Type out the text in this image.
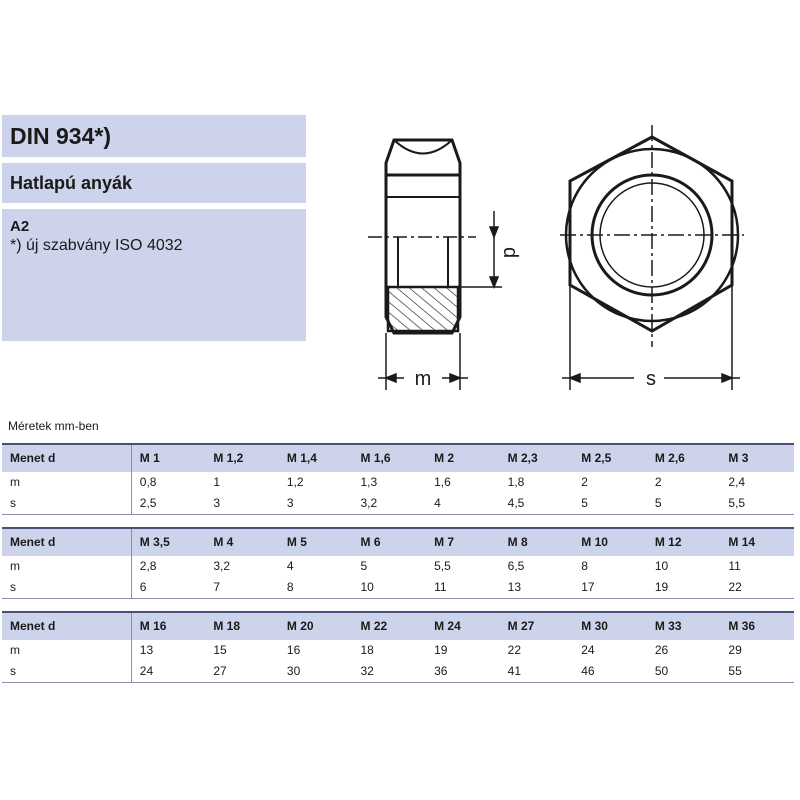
DIN 934*)
Hatlapú anyák
A2
*) új szabvány ISO 4032	d
m	s
Méretek mm-ben
Menet d	M 1	M 1,2	M 1,4	M 1,6	M 2	M 2,3	M 2,5	M 2,6	M 3
m	0,8	1	1,2	1,3	1,6	1,8	2	2	2,4
s	2,5	3	3	3,2	4	4,5	5	5	5,5
Menet d	M 3,5	M 4	M 5	M 6	M 7	M 8	M 10	M 12	M 14
m	2,8	3,2	4	5	5,5	6,5	8	10	11
s	6	7	8	10	11	13	17	19	22
Menet d	M 16	M 18	M 20	M 22	M 24	M 27	M 30	M 33	M 36
m	13	15	16	18	19	22	24	26	29
s	24	27	30	32	36	41	46	50	55
